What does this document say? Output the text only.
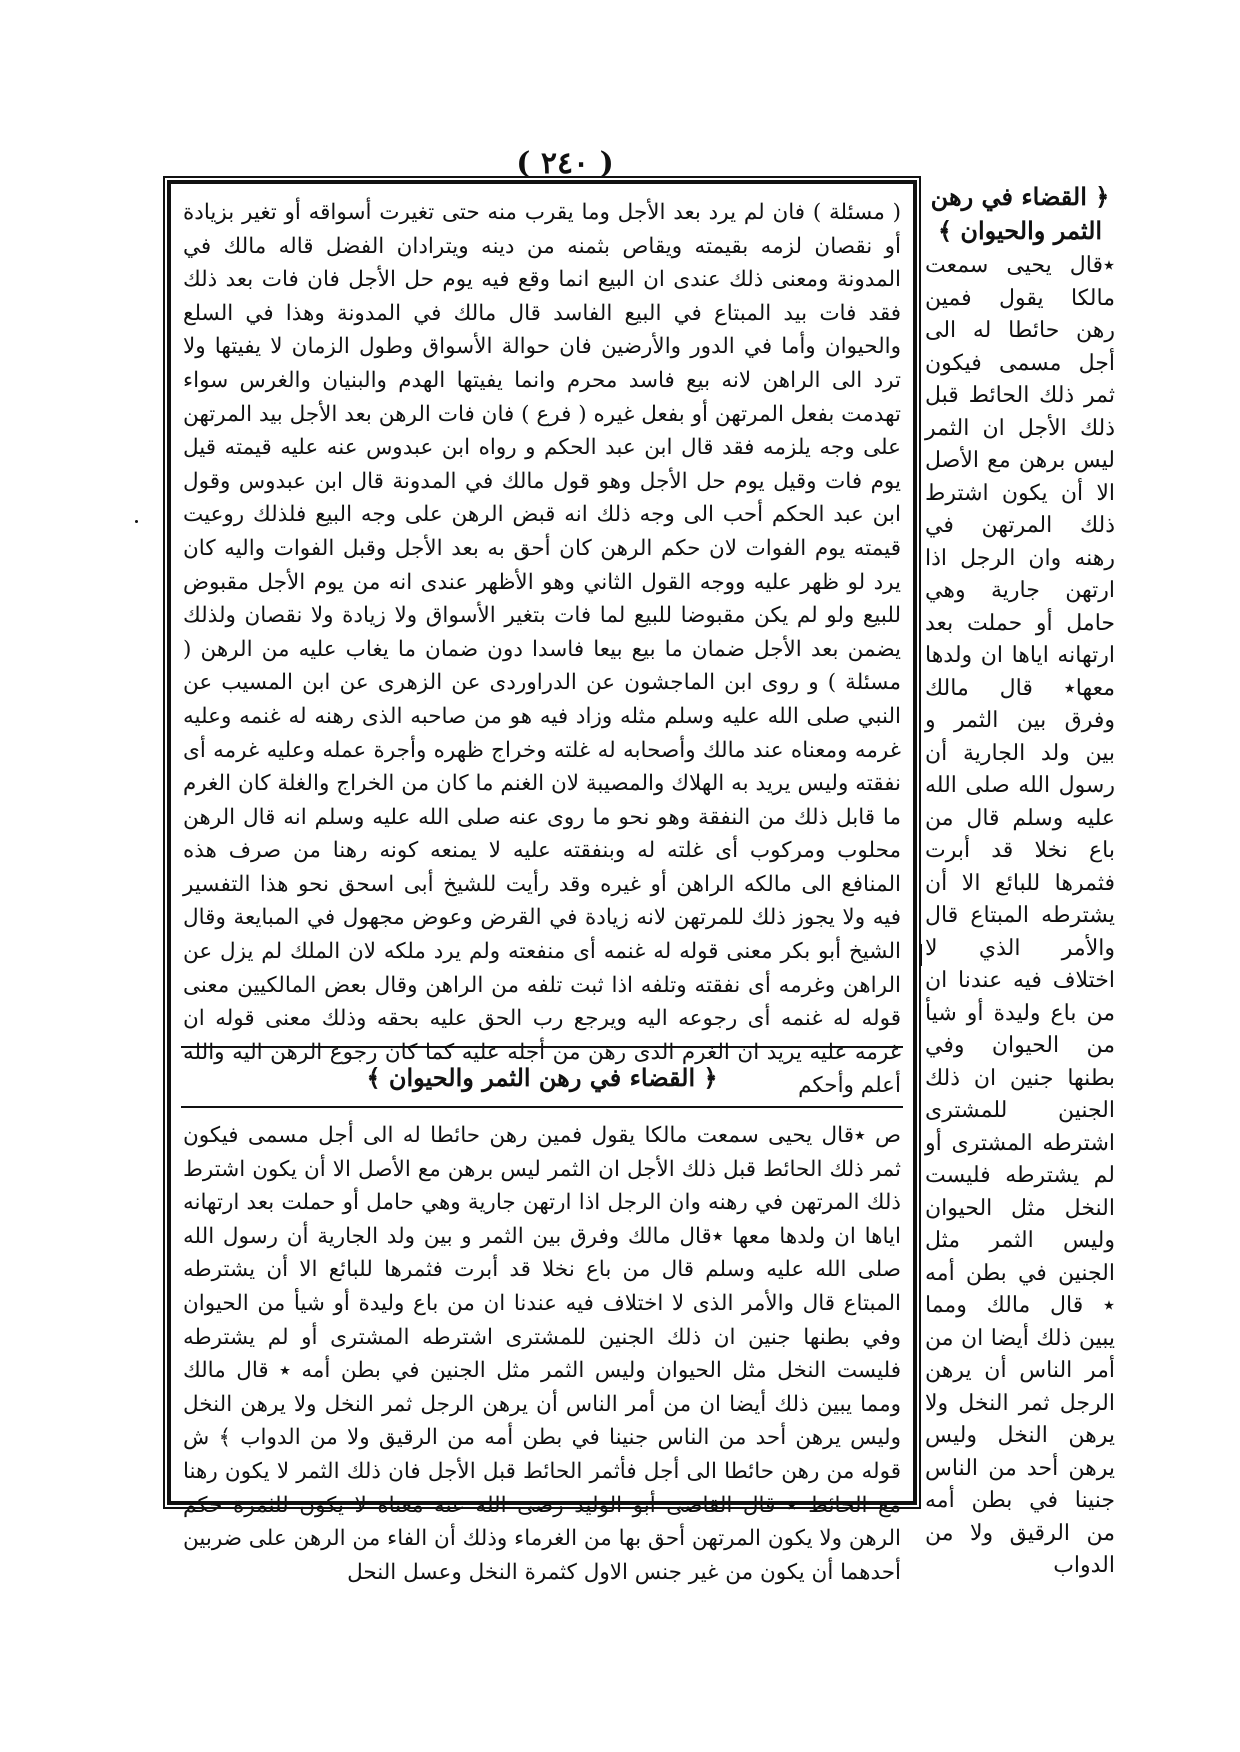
( ٢٤٠ )
( مسئلة ) فان لم يرد بعد الأجل وما يقرب منه حتى تغيرت أسواقه أو تغير بزيادة أو نقصان لزمه بقيمته ويقاص بثمنه من دينه ويترادان الفضل قاله مالك في المدونة ومعنى ذلك عندى ان البيع انما وقع فيه يوم حل الأجل فان فات بعد ذلك فقد فات بيد المبتاع في البيع الفاسد قال مالك في المدونة وهذا في السلع والحيوان وأما في الدور والأرضين فان حوالة الأسواق وطول الزمان لا يفيتها ولا ترد الى الراهن لانه بيع فاسد محرم وانما يفيتها الهدم والبنيان والغرس سواء تهدمت بفعل المرتهن أو بفعل غيره ( فرع ) فان فات الرهن بعد الأجل بيد المرتهن على وجه يلزمه فقد قال ابن عبد الحكم و رواه ابن عبدوس عنه عليه قيمته قيل يوم فات وقيل يوم حل الأجل وهو قول مالك في المدونة قال ابن عبدوس وقول ابن عبد الحكم أحب الى وجه ذلك انه قبض الرهن على وجه البيع فلذلك روعيت قيمته يوم الفوات لان حكم الرهن كان أحق به بعد الأجل وقبل الفوات واليه كان يرد لو ظهر عليه ووجه القول الثاني وهو الأظهر عندى انه من يوم الأجل مقبوض للبيع ولو لم يكن مقبوضا للبيع لما فات بتغير الأسواق ولا زيادة ولا نقصان ولذلك يضمن بعد الأجل ضمان ما بيع بيعا فاسدا دون ضمان ما يغاب عليه من الرهن ( مسئلة ) و روى ابن الماجشون عن الدراوردى عن الزهرى عن ابن المسيب عن النبي صلى الله عليه وسلم مثله وزاد فيه هو من صاحبه الذى رهنه له غنمه وعليه غرمه ومعناه عند مالك وأصحابه له غلته وخراج ظهره وأجرة عمله وعليه غرمه أى نفقته وليس يريد به الهلاك والمصيبة لان الغنم ما كان من الخراج والغلة كان الغرم ما قابل ذلك من النفقة وهو نحو ما روى عنه صلى الله عليه وسلم انه قال الرهن محلوب ومركوب أى غلته له وبنفقته عليه لا يمنعه كونه رهنا من صرف هذه المنافع الى مالكه الراهن أو غيره وقد رأيت للشيخ أبى اسحق نحو هذا التفسير فيه ولا يجوز ذلك للمرتهن لانه زيادة في القرض وعوض مجهول في المبايعة وقال الشيخ أبو بكر معنى قوله له غنمه أى منفعته ولم يرد ملكه لان الملك لم يزل عن الراهن وغرمه أى نفقته وتلفه اذا ثبت تلفه من الراهن وقال بعض المالكيين معنى قوله له غنمه أى رجوعه اليه ويرجع رب الحق عليه بحقه وذلك معنى قوله ان غرمه عليه يريد ان الغرم الذى رهن من أجله عليه كما كان رجوع الرهن اليه والله أعلم وأحكم
﴿ القضاء في رهن الثمر والحيوان ﴾
ص ٭قال يحيى سمعت مالكا يقول فمين رهن حائطا له الى أجل مسمى فيكون ثمر ذلك الحائط قبل ذلك الأجل ان الثمر ليس برهن مع الأصل الا أن يكون اشترط ذلك المرتهن في رهنه وان الرجل اذا ارتهن جارية وهي حامل أو حملت بعد ارتهانه اياها ان ولدها معها ٭قال مالك وفرق بين الثمر و بين ولد الجارية أن رسول الله صلى الله عليه وسلم قال من باع نخلا قد أبرت فثمرها للبائع الا أن يشترطه المبتاع قال والأمر الذى لا اختلاف فيه عندنا ان من باع وليدة أو شيأ من الحيوان وفي بطنها جنين ان ذلك الجنين للمشترى اشترطه المشترى أو لم يشترطه فليست النخل مثل الحيوان وليس الثمر مثل الجنين في بطن أمه ٭ قال مالك ومما يبين ذلك أيضا ان من أمر الناس أن يرهن الرجل ثمر النخل ولا يرهن النخل وليس يرهن أحد من الناس جنينا في بطن أمه من الرقيق ولا من الدواب ﴾ ش قوله من رهن حائطا الى أجل فأثمر الحائط قبل الأجل فان ذلك الثمر لا يكون رهنا مع الحائط ٭ قال القاضى أبو الوليد رضى الله عنه معناه لا يكون للثمرة حكم الرهن ولا يكون المرتهن أحق بها من الغرماء وذلك أن الفاء من الرهن على ضربين أحدهما أن يكون من غير جنس الاول كثمرة النخل وعسل النحل
﴿ القضاء في رهن الثمر والحيوان ﴾
٭قال يحيى سمعت مالكا يقول فمين رهن حائطا له الى أجل مسمى فيكون ثمر ذلك الحائط قبل ذلك الأجل ان الثمر ليس برهن مع الأصل الا أن يكون اشترط ذلك المرتهن في رهنه وان الرجل اذا ارتهن جارية وهي حامل أو حملت بعد ارتهانه اياها ان ولدها معها٭ قال مالك وفرق بين الثمر و بين ولد الجارية أن رسول الله صلى الله عليه وسلم قال من باع نخلا قد أبرت فثمرها للبائع الا أن يشترطه المبتاع قال والأمر الذي لا اختلاف فيه عندنا ان من باع وليدة أو شيأ من الحيوان وفي بطنها جنين ان ذلك الجنين للمشترى اشترطه المشترى أو لم يشترطه فليست النخل مثل الحيوان وليس الثمر مثل الجنين في بطن أمه ٭ قال مالك ومما يبين ذلك أيضا ان من أمر الناس أن يرهن الرجل ثمر النخل ولا يرهن النخل وليس يرهن أحد من الناس جنينا في بطن أمه من الرقيق ولا من الدواب
